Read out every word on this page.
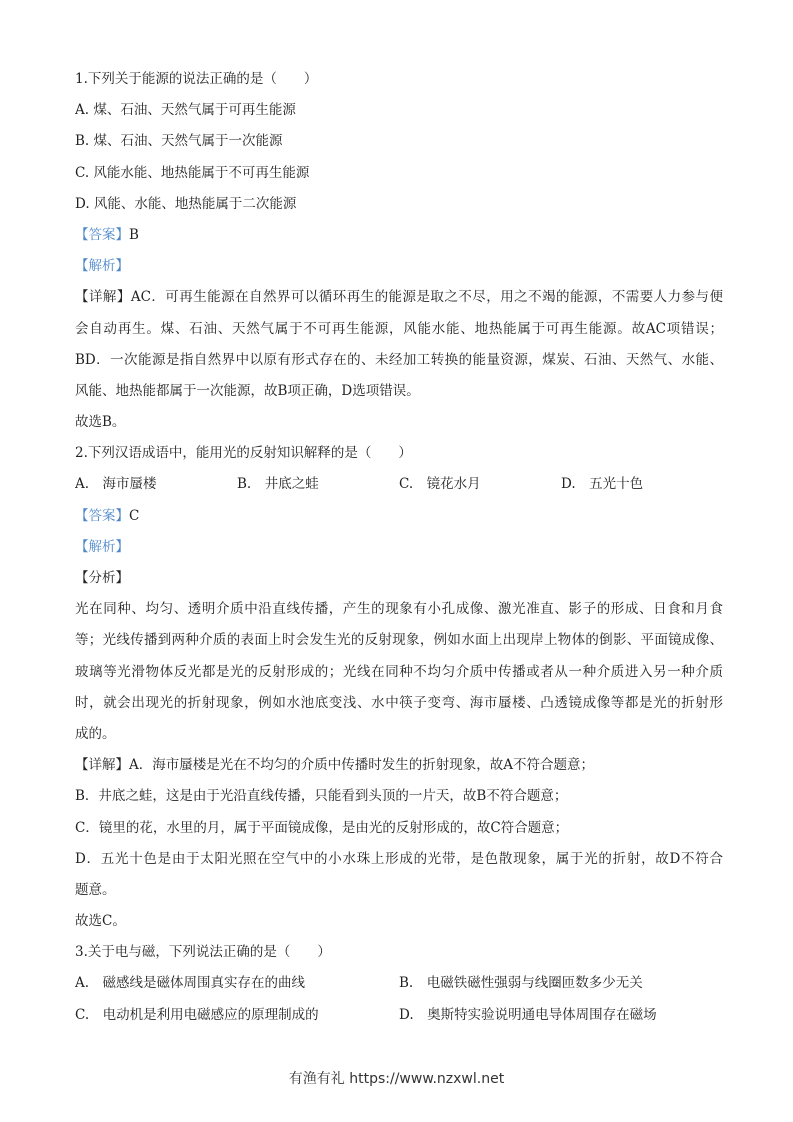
1.下列关于能源的说法正确的是（　　）
A. 煤、石油、天然气属于可再生能源
B. 煤、石油、天然气属于一次能源
C. 风能水能、地热能属于不可再生能源
D. 风能、水能、地热能属于二次能源
【答案】B
【解析】
【详解】AC．可再生能源在自然界可以循环再生的能源是取之不尽，用之不竭的能源，不需要人力参与便
会自动再生。煤、石油、天然气属于不可再生能源，风能水能、地热能属于可再生能源。故AC项错误；
BD．一次能源是指自然界中以原有形式存在的、未经加工转换的能量资源，煤炭、石油、天然气、水能、
风能、地热能都属于一次能源，故B项正确，D选项错误。
故选B。
2.下列汉语成语中，能用光的反射知识解释的是（　　）
A.　海市蜃楼	B.　井底之蛙	C.　镜花水月	D.　五光十色
【答案】C
【解析】
【分析】
光在同种、均匀、透明介质中沿直线传播，产生的现象有小孔成像、激光准直、影子的形成、日食和月食
等；光线传播到两种介质的表面上时会发生光的反射现象，例如水面上出现岸上物体的倒影、平面镜成像、
玻璃等光滑物体反光都是光的反射形成的；光线在同种不均匀介质中传播或者从一种介质进入另一种介质
时，就会出现光的折射现象，例如水池底变浅、水中筷子变弯、海市蜃楼、凸透镜成像等都是光的折射形
成的。
【详解】A．海市蜃楼是光在不均匀的介质中传播时发生的折射现象，故A不符合题意；
B．井底之蛙，这是由于光沿直线传播，只能看到头顶的一片天，故B不符合题意；
C．镜里的花，水里的月，属于平面镜成像，是由光的反射形成的，故C符合题意；
D．五光十色是由于太阳光照在空气中的小水珠上形成的光带，是色散现象，属于光的折射，故D不符合
题意。
故选C。
3.关于电与磁，下列说法正确的是（　　）
A.　磁感线是磁体周围真实存在的曲线	B.　电磁铁磁性强弱与线圈匝数多少无关
C.　电动机是利用电磁感应的原理制成的	D.　奥斯特实验说明通电导体周围存在磁场
有渔有礼 https://www.nzxwl.net
